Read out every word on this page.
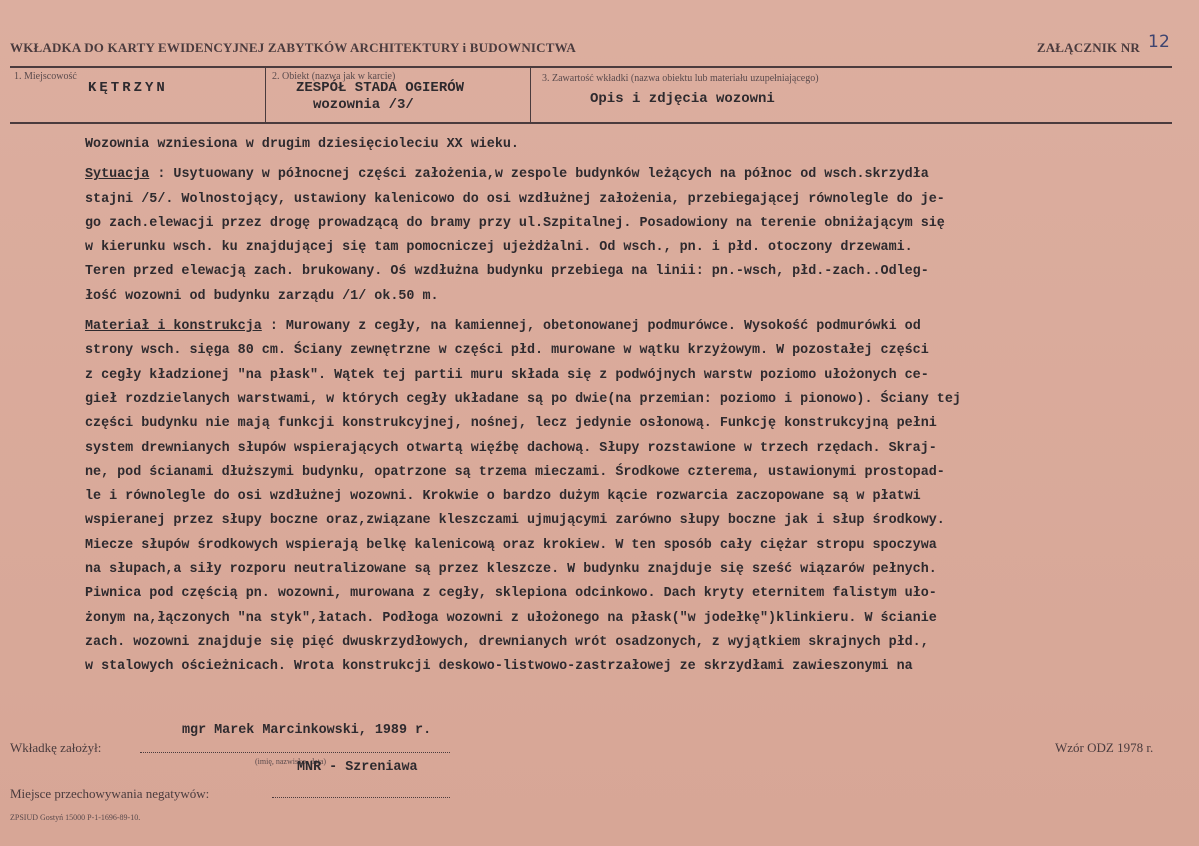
WKŁADKA DO KARTY EWIDENCYJNEJ ZABYTKÓW ARCHITEKTURY i BUDOWNICTWA	ZAŁĄCZNIK NR 12
1. Miejscowość
KĘTRZYN
2. Obiekt (nazwa jak w karcie)
ZESPÓŁ STADA OGIERÓW
wozownia /3/
3. Zawartość wkładki (nazwa obiektu lub materiału uzupełniającego)
Opis i zdjęcia wozowni

Wozownia wzniesiona w drugim dziesięcioleciu XX wieku.

Sytuacja : Usytuowany w północnej części założenia,w zespole budynków leżących na północ od wsch.skrzydła

stajni /5/. Wolnostojący, ustawiony kalenicowo do osi wzdłużnej założenia, przebiegającej równolegle do je-

go zach.elewacji przez drogę prowadzącą do bramy przy ul.Szpitalnej. Posadowiony na terenie obniżającym się

w kierunku wsch. ku znajdującej się tam pomocniczej ujeżdżalni. Od wsch., pn. i płd. otoczony drzewami.

Teren przed elewacją zach. brukowany. Oś wzdłużna budynku przebiega na linii: pn.-wsch, płd.-zach..Odleg-

łość wozowni od budynku zarządu /1/ ok.50 m.

Materiał i konstrukcja : Murowany z cegły, na kamiennej, obetonowanej podmurówce. Wysokość podmurówki od

strony wsch. sięga 80 cm. Ściany zewnętrzne w części płd. murowane w wątku krzyżowym. W pozostałej części

z cegły kładzionej "na płask". Wątek tej partii muru składa się z podwójnych warstw poziomo ułożonych ce-

gieł rozdzielanych warstwami, w których cegły układane są po dwie(na przemian: poziomo i pionowo). Ściany tej

części budynku nie mają funkcji konstrukcyjnej, nośnej, lecz jedynie osłonową. Funkcję konstrukcyjną pełni

system drewnianych słupów wspierających otwartą więźbę dachową. Słupy rozstawione w trzech rzędach. Skraj-

ne, pod ścianami dłuższymi budynku, opatrzone są trzema mieczami. Środkowe czterema, ustawionymi prostopad-

le i równolegle do osi wzdłużnej wozowni. Krokwie o bardzo dużym kącie rozwarcia zaczopowane są w płatwi

wspieranej przez słupy boczne oraz,związane kleszczami ujmującymi zarówno słupy boczne jak i słup środkowy.

Miecze słupów środkowych wspierają belkę kalenicową oraz krokiew. W ten sposób cały ciężar stropu spoczywa

na słupach,a siły rozporu neutralizowane są przez kleszcze. W budynku znajduje się sześć wiązarów pełnych.

Piwnica pod częścią pn. wozowni, murowana z cegły, sklepiona odcinkowo. Dach kryty eternitem falistym uło-

żonym na,łączonych "na styk",łatach. Podłoga wozowni z ułożonego na płask("w jodełkę")klinkieru. W ścianie

zach. wozowni znajduje się pięć dwuskrzydłowych, drewnianych wrót osadzonych, z wyjątkiem skrajnych płd.,

w stalowych ościeżnicach. Wrota konstrukcji deskowo-listwowo-zastrzałowej ze skrzydłami zawieszonymi na

mgr Marek Marcinkowski, 1989 r.
Wkładkę założył:
(imię, nazwisko, data)
Wzór ODZ 1978 r.
MNR - Szreniawa
Miejsce przechowywania negatywów:
ZPSIUD Gostyń 15000 P-1-1696-89-10.
